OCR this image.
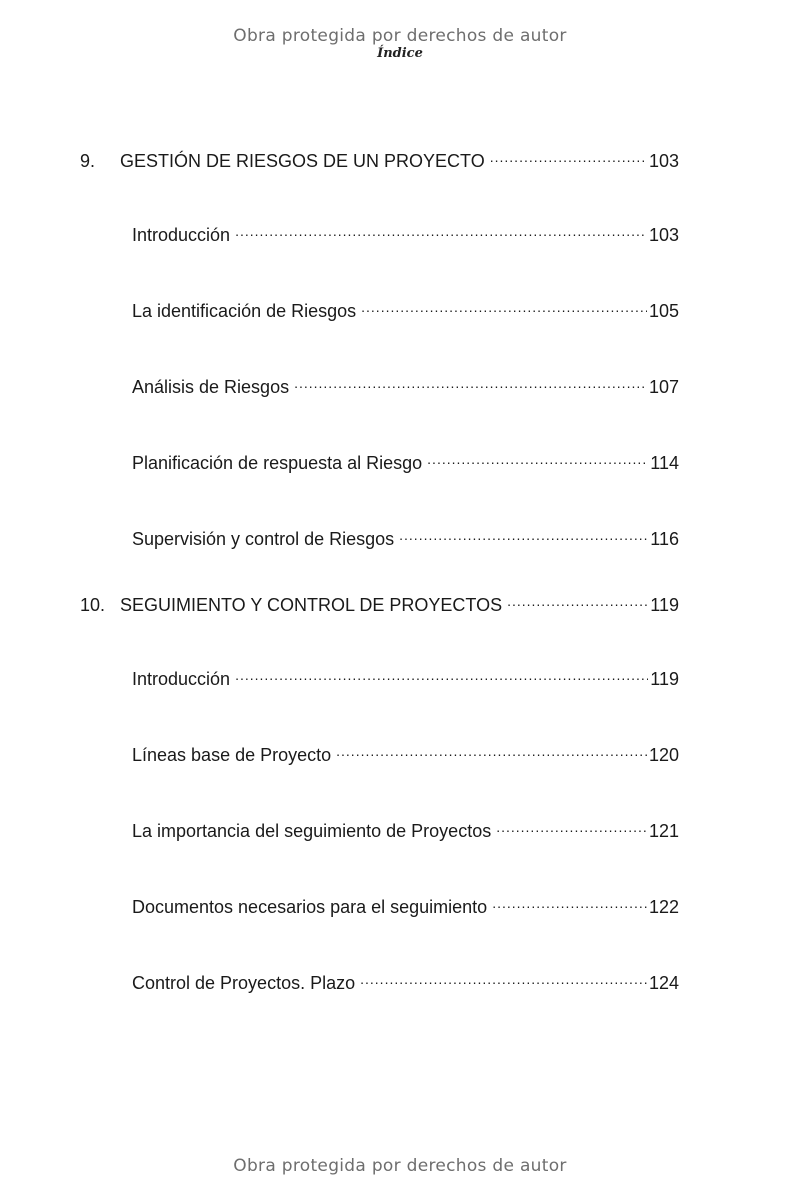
Obra protegida por derechos de autor
Índice
9.	GESTIÓN DE RIESGOS DE UN PROYECTO .....	103
Introducción .....	103
La identificación de Riesgos .....	105
Análisis de Riesgos .....	107
Planificación de respuesta al Riesgo .....	114
Supervisión y control de Riesgos .....	116
10. SEGUIMIENTO Y CONTROL DE PROYECTOS .....	119
Introducción .....	119
Líneas base de Proyecto .....	120
La importancia del seguimiento de Proyectos .....	121
Documentos necesarios para el seguimiento .....	122
Control de Proyectos. Plazo .....	124
Obra protegida por derechos de autor
